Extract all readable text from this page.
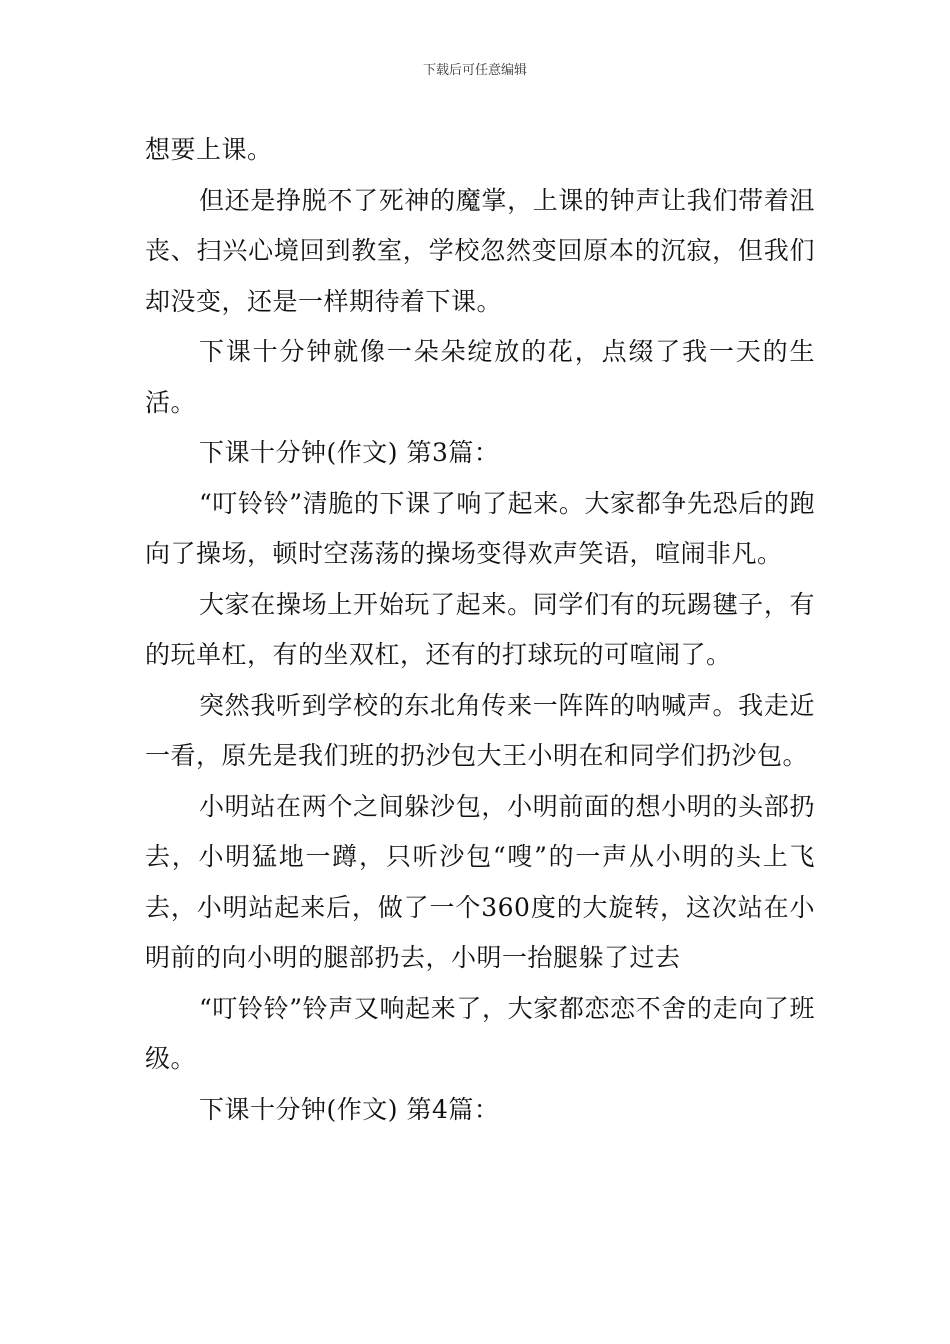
下载后可任意编辑

想要上课。

但还是挣脱不了死神的魔掌，上课的钟声让我们带着沮丧、扫兴心境回到教室，学校忽然变回原本的沉寂，但我们却没变，还是一样期待着下课。

下课十分钟就像一朵朵绽放的花，点缀了我一天的生活。

下课十分钟(作文) 第3篇：

“叮铃铃”清脆的下课了响了起来。大家都争先恐后的跑向了操场，顿时空荡荡的操场变得欢声笑语，喧闹非凡。

大家在操场上开始玩了起来。同学们有的玩踢毽子，有的玩单杠，有的坐双杠，还有的打球玩的可喧闹了。

突然我听到学校的东北角传来一阵阵的呐喊声。我走近一看，原先是我们班的扔沙包大王小明在和同学们扔沙包。

小明站在两个之间躲沙包，小明前面的想小明的头部扔去，小明猛地一蹲，只听沙包“嗖”的一声从小明的头上飞去，小明站起来后，做了一个360度的大旋转，这次站在小明前的向小明的腿部扔去，小明一抬腿躲了过去

“叮铃铃”铃声又响起来了，大家都恋恋不舍的走向了班级。

下课十分钟(作文) 第4篇：
